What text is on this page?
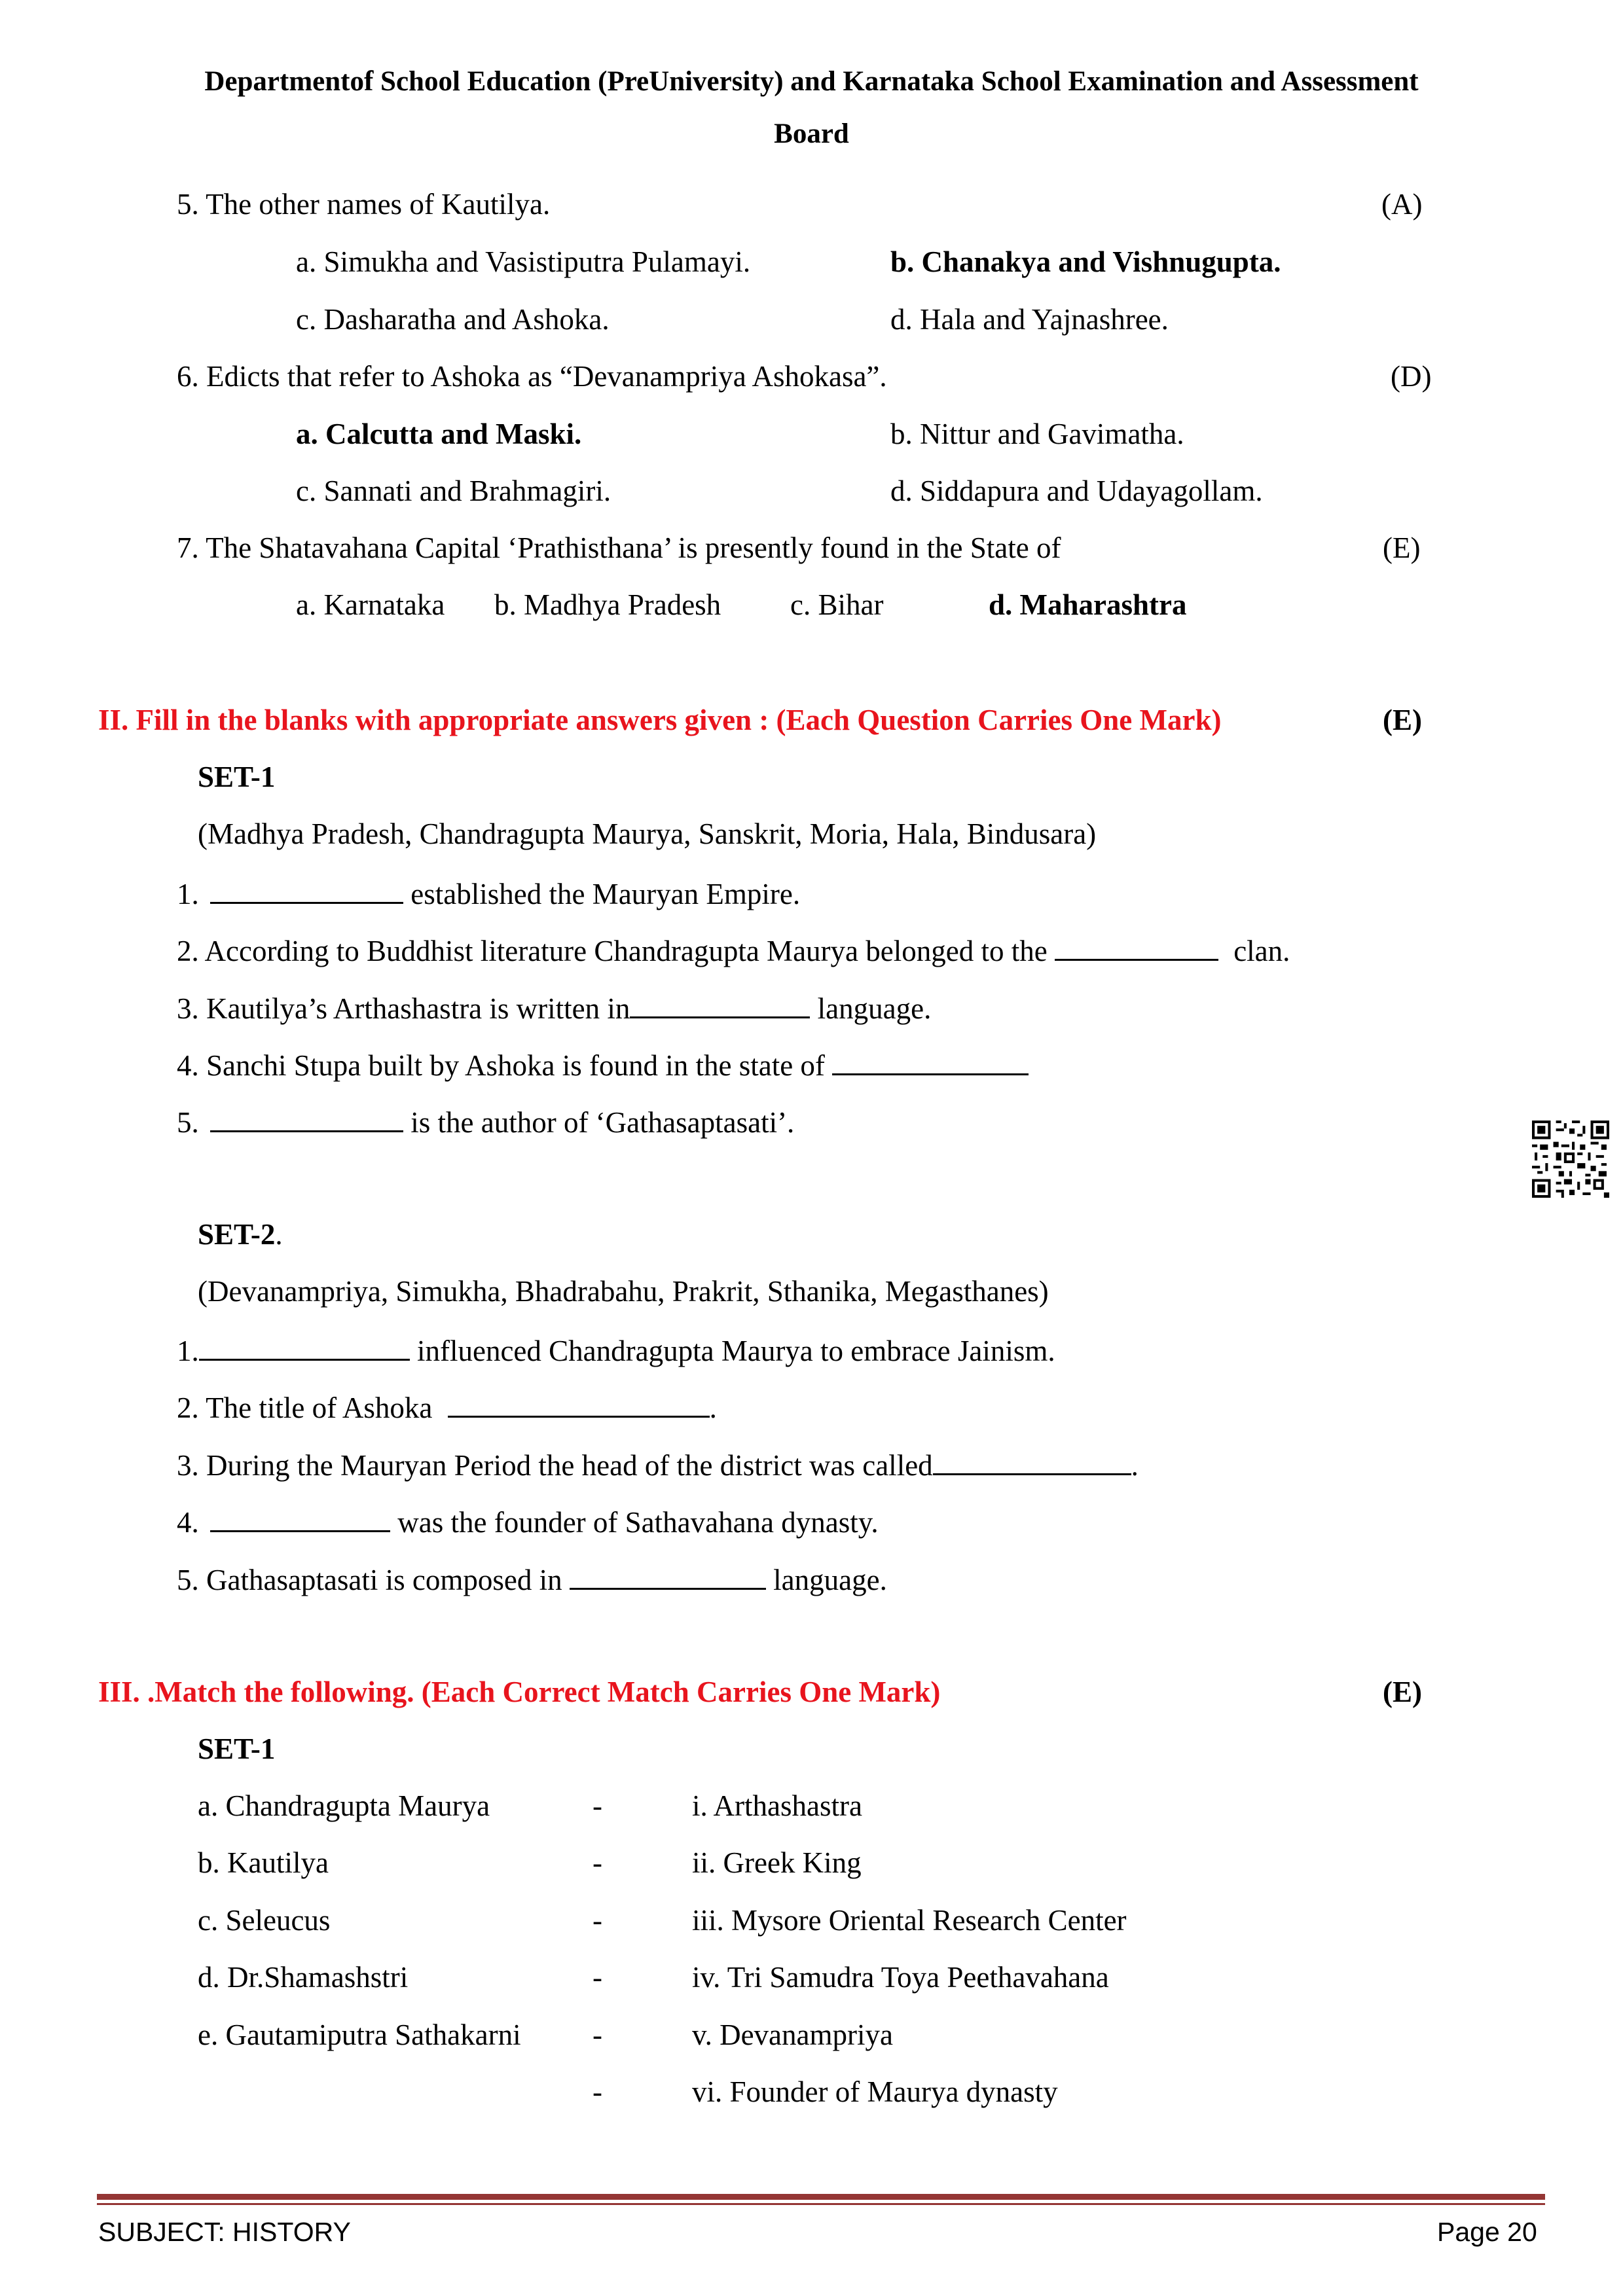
Departmentof School Education (PreUniversity) and Karnataka School Examination and Assessment
Board
5. The other names of Kautilya.	(A)
a. Simukha and Vasistiputra Pulamayi.	b. Chanakya and Vishnugupta.
c. Dasharatha and Ashoka.	d. Hala and Yajnashree.
6. Edicts that refer to Ashoka as “Devanampriya Ashokasa”.	(D)
a. Calcutta and Maski.	b. Nittur and Gavimatha.
c. Sannati and Brahmagiri.	d. Siddapura and Udayagollam.
7. The Shatavahana Capital ‘Prathisthana’ is presently found in the State of	(E)
a. Karnataka b. Madhya Pradesh c. Bihar	d. Maharashtra
II. Fill in the blanks with appropriate answers given : (Each Question Carries One Mark)	(E)
SET-1
(Madhya Pradesh, Chandragupta Maurya, Sanskrit, Moria, Hala, Bindusara)
1.	established the Mauryan Empire.
2. According to Buddhist literature Chandragupta Maurya belonged to the	clan.
3. Kautilya’s Arthashastra is written in	language.
4. Sanchi Stupa built by Ashoka is found in the state of
5.	is the author of ‘Gathasaptasati’.
SET-2.
(Devanampriya, Simukha, Bhadrabahu, Prakrit, Sthanika, Megasthanes)
1.	influenced Chandragupta Maurya to embrace Jainism.
2. The title of Ashoka	.
3. During the Mauryan Period the head of the district was called	.
4.	was the founder of Sathavahana dynasty.
5. Gathasaptasati is composed in	language.
III. .Match the following. (Each Correct Match Carries One Mark)	(E)
SET-1
a. Chandragupta Maurya	-	i. Arthashastra
b. Kautilya	-	ii. Greek King
c. Seleucus	-	iii. Mysore Oriental Research Center
d. Dr.Shamashstri	-	iv. Tri Samudra Toya Peethavahana
e. Gautamiputra Sathakarni -	v. Devanampriya
-	vi. Founder of Maurya dynasty
SUBJECT: HISTORY	Page 20
